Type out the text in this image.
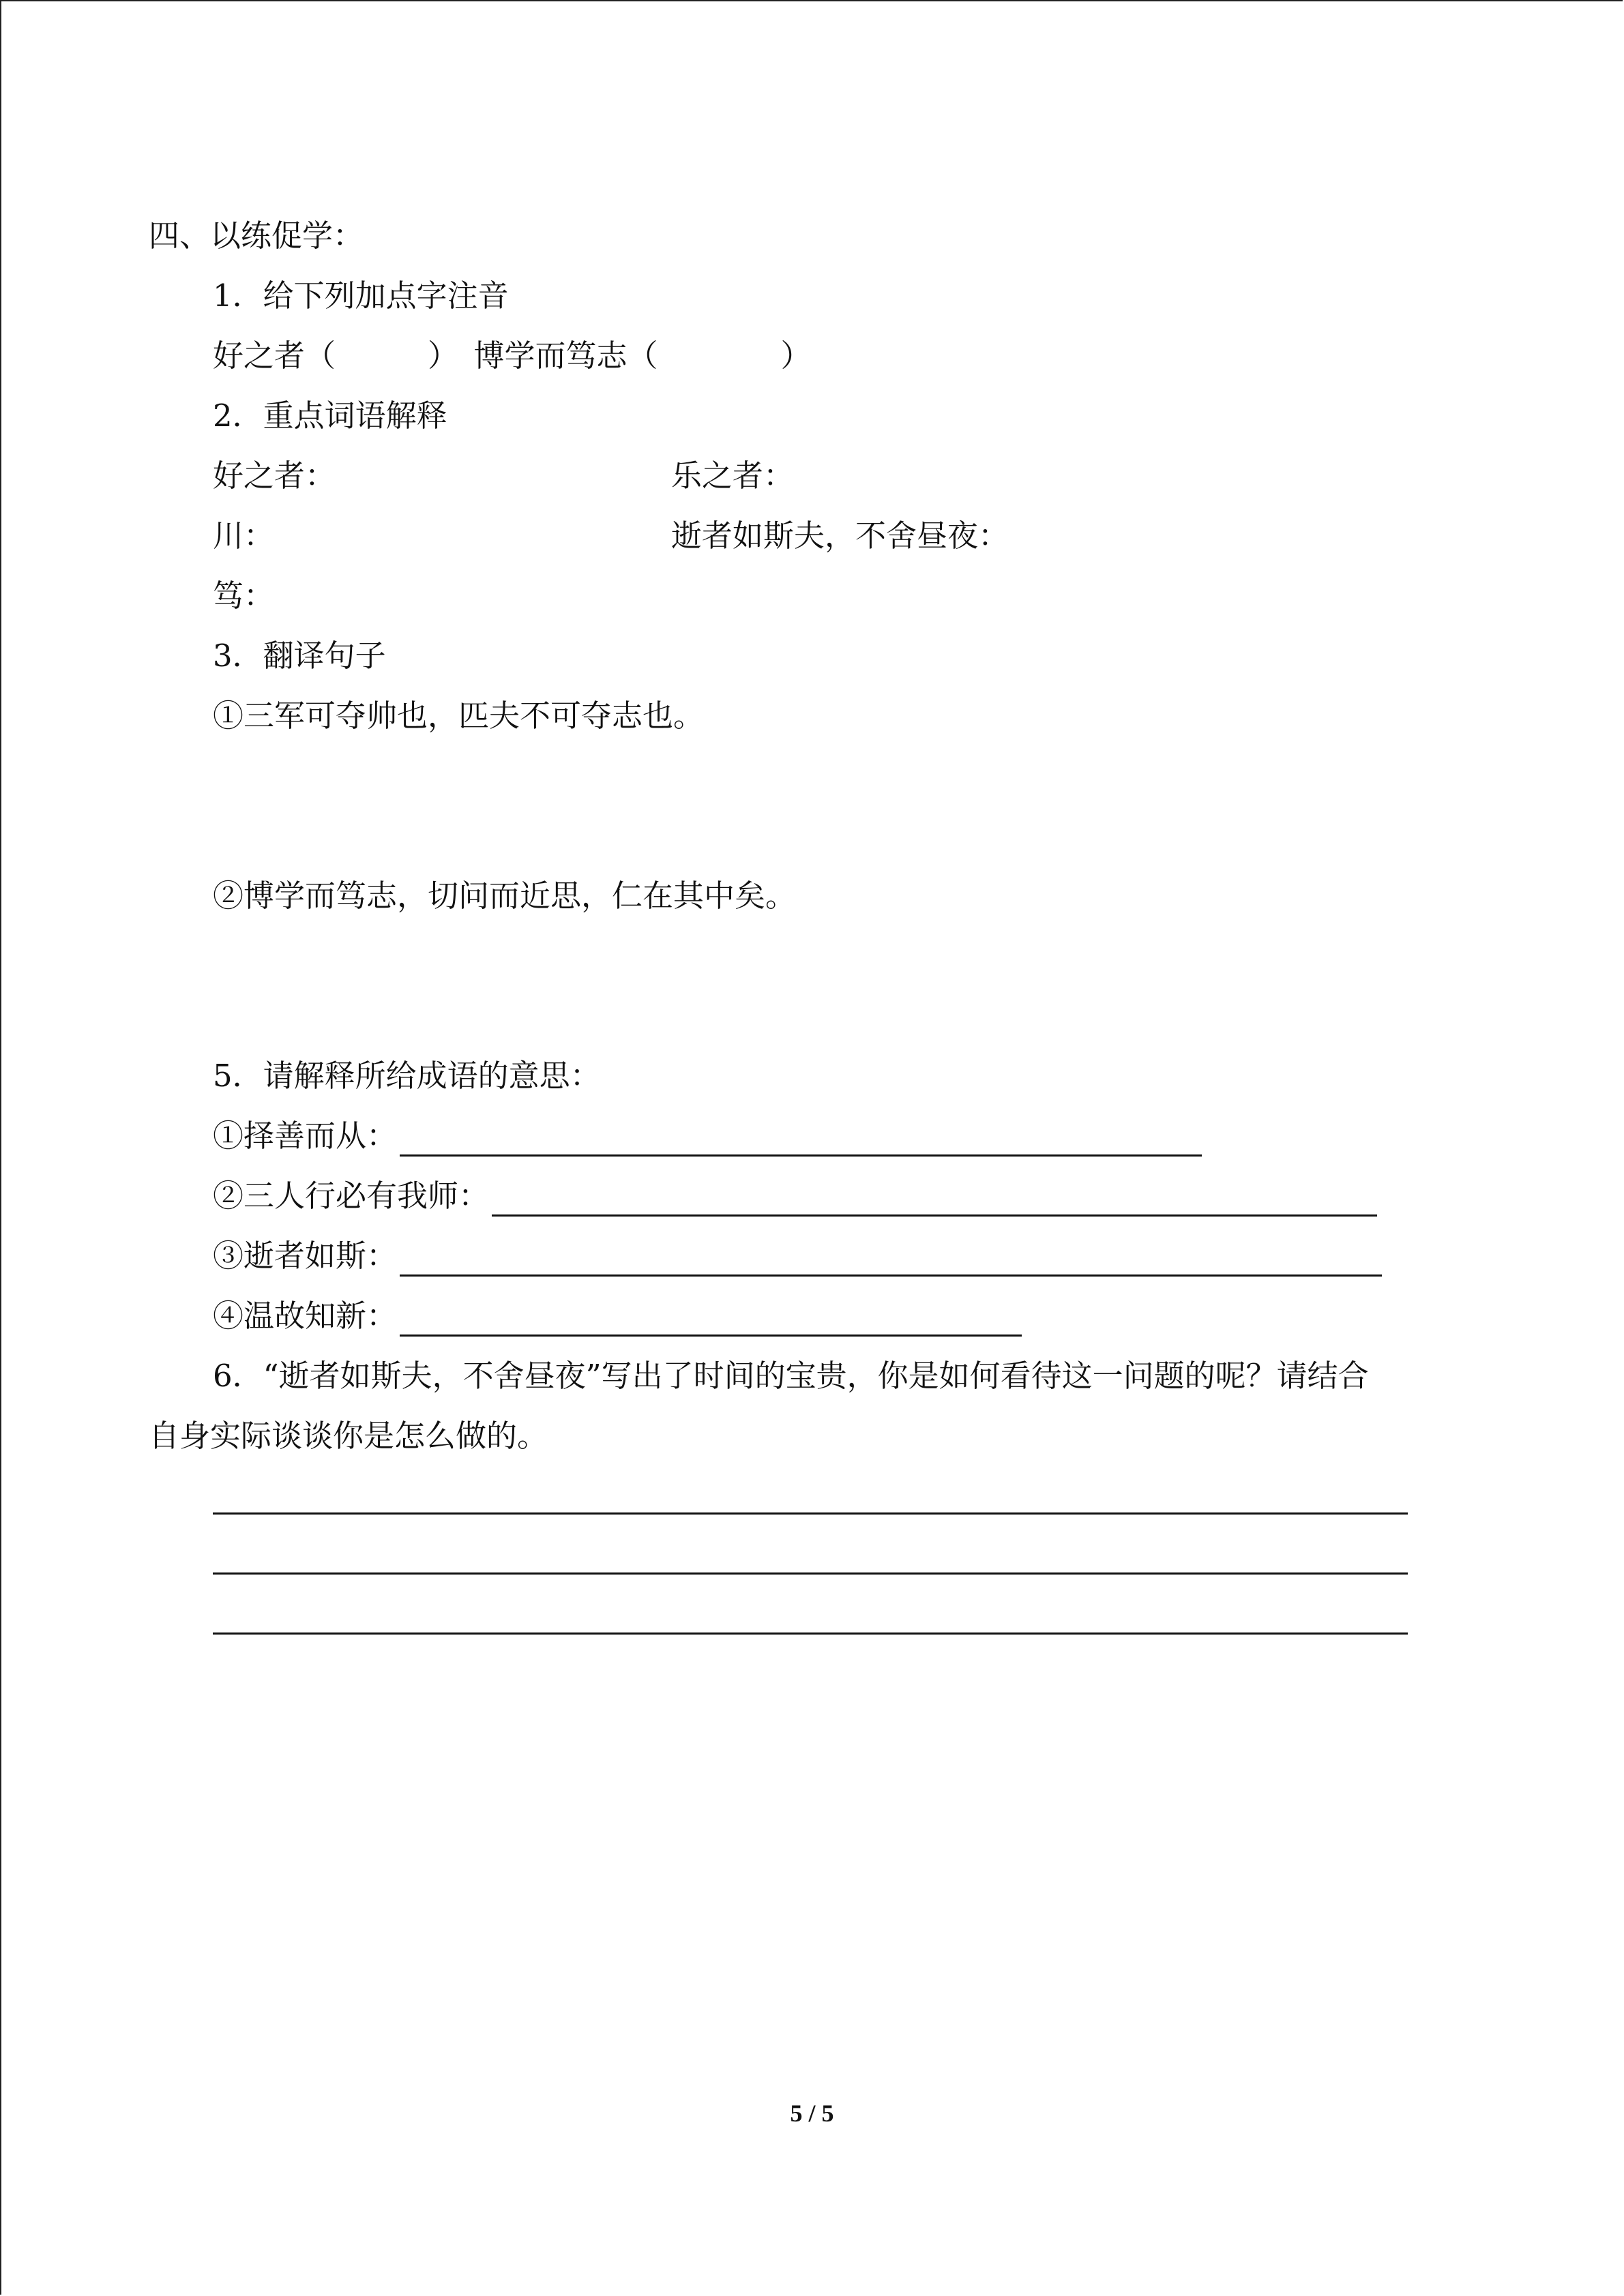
四、以练促学：
1．给下列加点字注音
好之者（　　　）　博学而笃志（　　　　）
2．重点词语解释
好之者：	乐之者：
川：	逝者如斯夫，不舍昼夜：
笃：
3．翻译句子
①三军可夺帅也，匹夫不可夺志也。
②博学而笃志，切问而近思，仁在其中矣。
5．请解释所给成语的意思：
①择善而从：
②三人行必有我师：
③逝者如斯：
④温故知新：
6．“逝者如斯夫，不舍昼夜”写出了时间的宝贵，你是如何看待这一问题的呢？请结合
自身实际谈谈你是怎么做的。
5 / 5
